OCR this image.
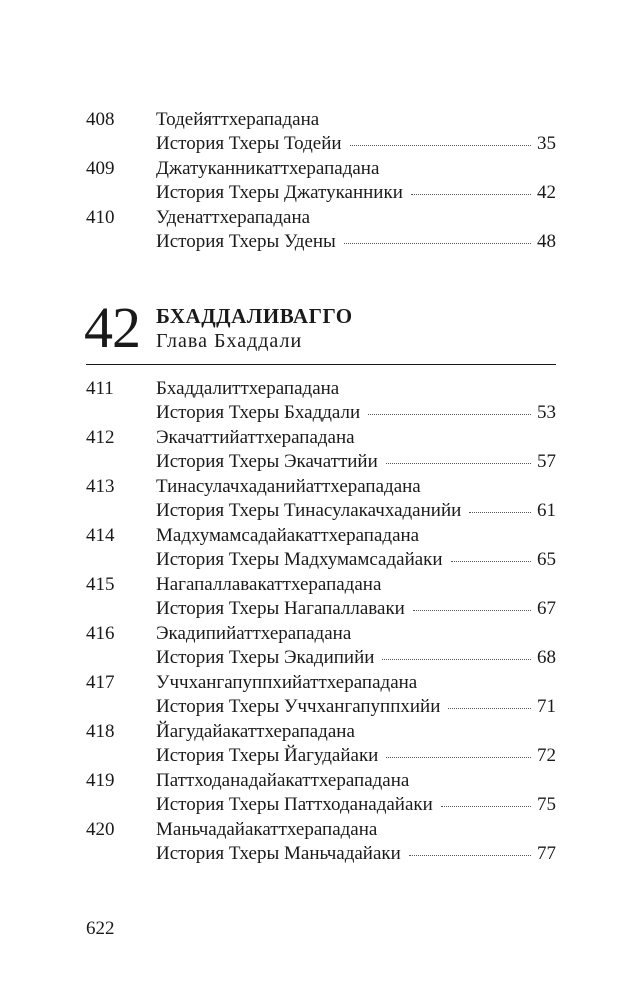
408	Тодейяттхерападана
История Тхеры Тодейи	35
409	Джатуканникаттхерападана
История Тхеры Джатуканники	42
410	Уденаттхерападана
История Тхеры Удены	48
42 БХАДДАЛИВАГГО
Глава Бхаддали
411	Бхаддалиттхерападана
История Тхеры Бхаддали	53
412	Экачаттийаттхерападана
История Тхеры Экачаттийи	57
413	Тинасулачхаданийаттхерападана
История Тхеры Тинасулакачхаданийи	61
414	Мадхумамсадайакаттхерападана
История Тхеры Мадхумамсадайаки	65
415	Нагапаллавакаттхерападана
История Тхеры Нагапаллаваки	67
416	Экадипийаттхерападана
История Тхеры Экадипийи	68
417	Уччхангапуппхийаттхерападана
История Тхеры Уччхангапуппхийи	71
418	Йагудайакаттхерападана
История Тхеры Йагудайаки	72
419	Паттходанадайакаттхерападана
История Тхеры Паттходанадайаки	75
420	Маньчадайакаттхерападана
История Тхеры Маньчадайаки	77
622
